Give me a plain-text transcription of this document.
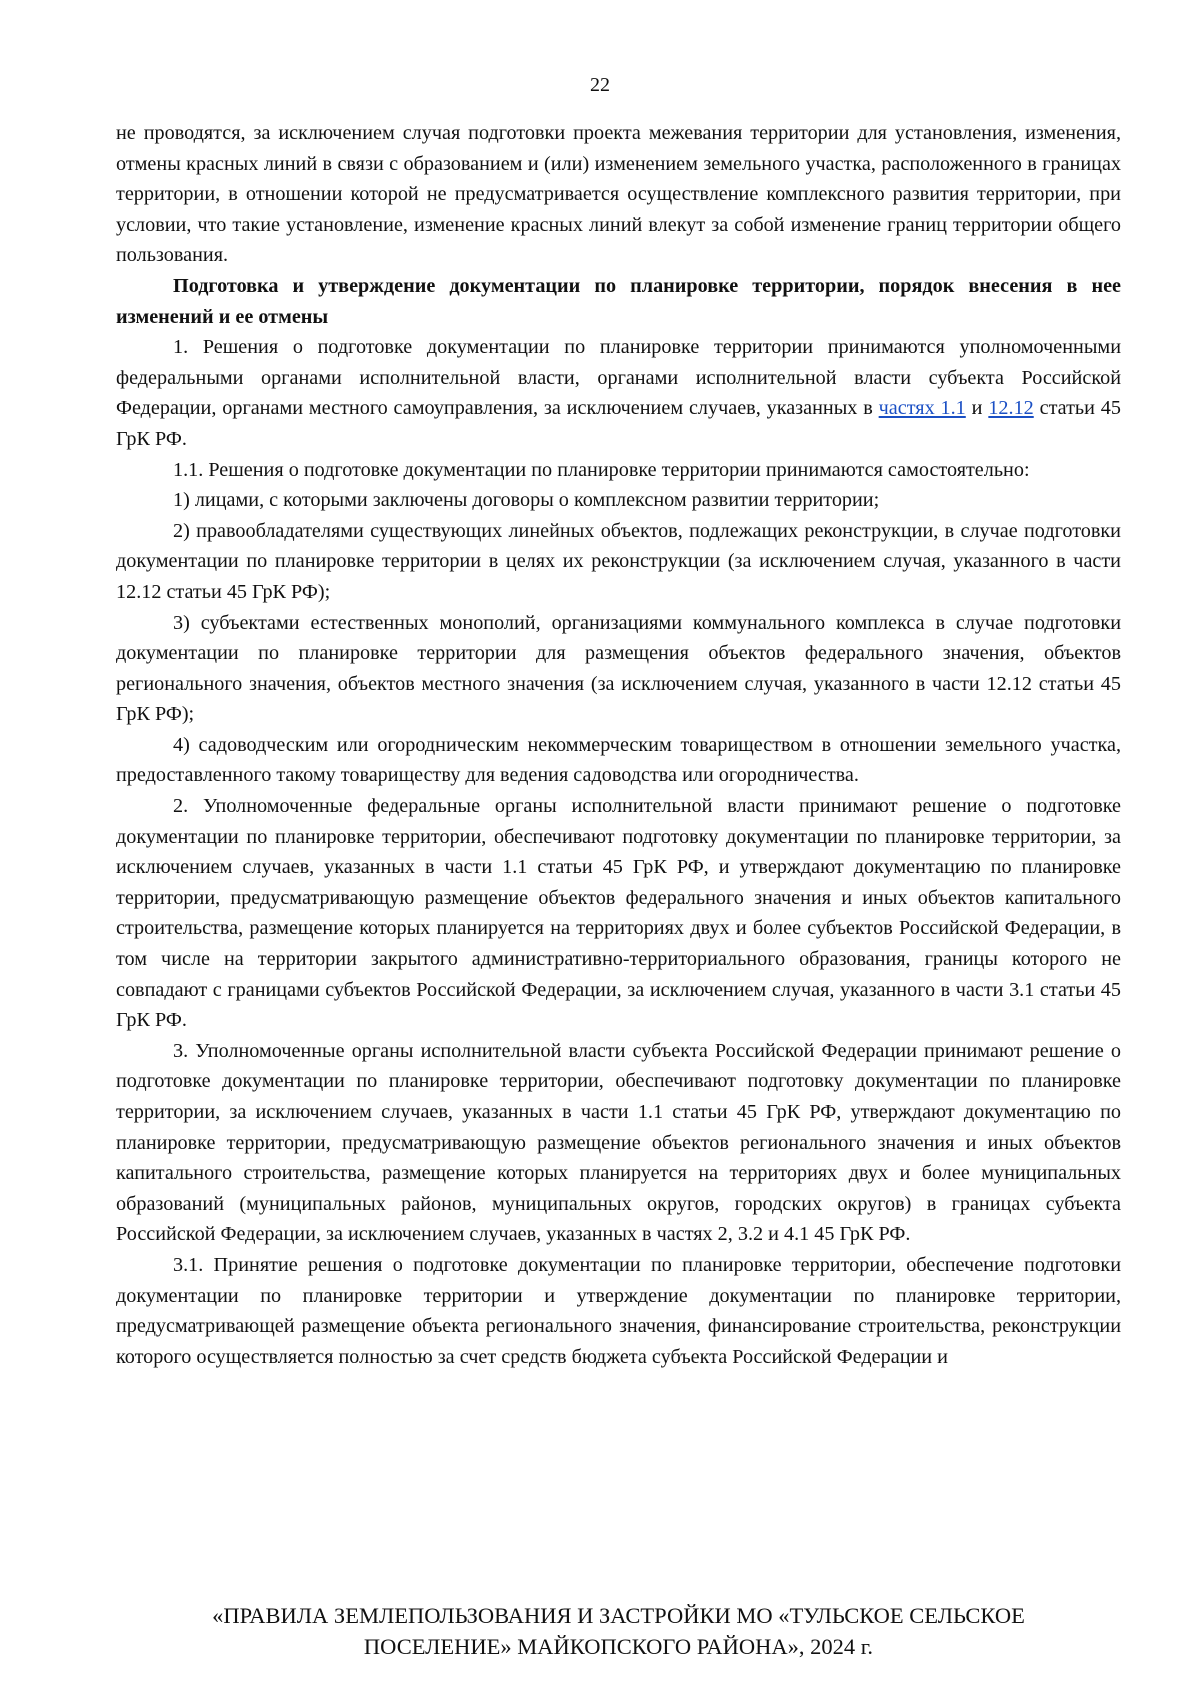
22

не проводятся, за исключением случая подготовки проекта межевания территории для установления, изменения, отмены красных линий в связи с образованием и (или) изменением земельного участка, расположенного в границах территории, в отношении которой не предусматривается осуществление комплексного развития территории, при условии, что такие установление, изменение красных линий влекут за собой изменение границ территории общего пользования.

Подготовка и утверждение документации по планировке территории, порядок внесения в нее изменений и ее отмены

1. Решения о подготовке документации по планировке территории принимаются уполномоченными федеральными органами исполнительной власти, органами исполнительной власти субъекта Российской Федерации, органами местного самоуправления, за исключением случаев, указанных в частях 1.1 и 12.12 статьи 45 ГрК РФ.

1.1. Решения о подготовке документации по планировке территории принимаются самостоятельно:

1) лицами, с которыми заключены договоры о комплексном развитии территории;

2) правообладателями существующих линейных объектов, подлежащих реконструкции, в случае подготовки документации по планировке территории в целях их реконструкции (за исключением случая, указанного в части 12.12 статьи 45 ГрК РФ);

3) субъектами естественных монополий, организациями коммунального комплекса в случае подготовки документации по планировке территории для размещения объектов федерального значения, объектов регионального значения, объектов местного значения (за исключением случая, указанного в части 12.12 статьи 45 ГрК РФ);

4) садоводческим или огородническим некоммерческим товариществом в отношении земельного участка, предоставленного такому товариществу для ведения садоводства или огородничества.

2. Уполномоченные федеральные органы исполнительной власти принимают решение о подготовке документации по планировке территории, обеспечивают подготовку документации по планировке территории, за исключением случаев, указанных в части 1.1 статьи 45 ГрК РФ, и утверждают документацию по планировке территории, предусматривающую размещение объектов федерального значения и иных объектов капитального строительства, размещение которых планируется на территориях двух и более субъектов Российской Федерации, в том числе на территории закрытого административно-территориального образования, границы которого не совпадают с границами субъектов Российской Федерации, за исключением случая, указанного в части 3.1 статьи 45 ГрК РФ.

3. Уполномоченные органы исполнительной власти субъекта Российской Федерации принимают решение о подготовке документации по планировке территории, обеспечивают подготовку документации по планировке территории, за исключением случаев, указанных в части 1.1 статьи 45 ГрК РФ, утверждают документацию по планировке территории, предусматривающую размещение объектов регионального значения и иных объектов капитального строительства, размещение которых планируется на территориях двух и более муниципальных образований (муниципальных районов, муниципальных округов, городских округов) в границах субъекта Российской Федерации, за исключением случаев, указанных в частях 2, 3.2 и 4.1 45 ГрК РФ.

3.1. Принятие решения о подготовке документации по планировке территории, обеспечение подготовки документации по планировке территории и утверждение документации по планировке территории, предусматривающей размещение объекта регионального значения, финансирование строительства, реконструкции которого осуществляется полностью за счет средств бюджета субъекта Российской Федерации и

«ПРАВИЛА ЗЕМЛЕПОЛЬЗОВАНИЯ И ЗАСТРОЙКИ МО «ТУЛЬСКОЕ СЕЛЬСКОЕ
ПОСЕЛЕНИЕ» МАЙКОПСКОГО РАЙОНА», 2024 г.
